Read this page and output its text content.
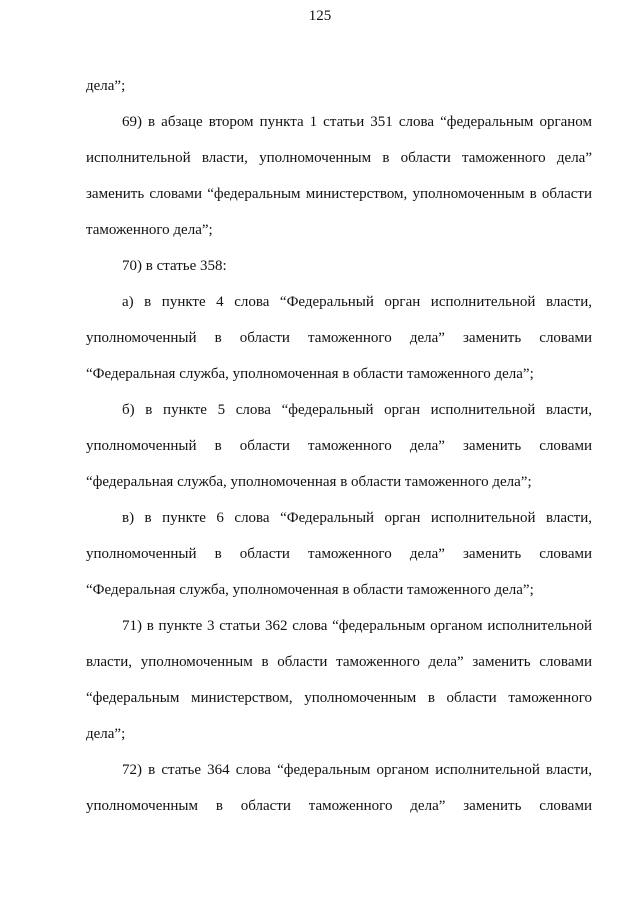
125
дела”;
69) в абзаце втором пункта 1 статьи 351 слова “федеральным органом
исполнительной власти, уполномоченным в области таможенного дела”
заменить словами “федеральным министерством, уполномоченным в области
таможенного дела”;
70) в статье 358:
а) в пункте 4 слова “Федеральный орган исполнительной власти,
уполномоченный в области таможенного дела” заменить словами
“Федеральная служба, уполномоченная в области таможенного дела”;
б) в пункте 5 слова “федеральный орган исполнительной власти,
уполномоченный в области таможенного дела” заменить словами
“федеральная служба, уполномоченная в области таможенного дела”;
в) в пункте 6 слова “Федеральный орган исполнительной власти,
уполномоченный в области таможенного дела” заменить словами
“Федеральная служба, уполномоченная в области таможенного дела”;
71) в пункте 3 статьи 362 слова “федеральным органом исполнительной
власти, уполномоченным в области таможенного дела” заменить словами
“федеральным министерством, уполномоченным в области таможенного
дела”;
72) в статье 364 слова “федеральным органом исполнительной власти,
уполномоченным в области таможенного дела” заменить словами
